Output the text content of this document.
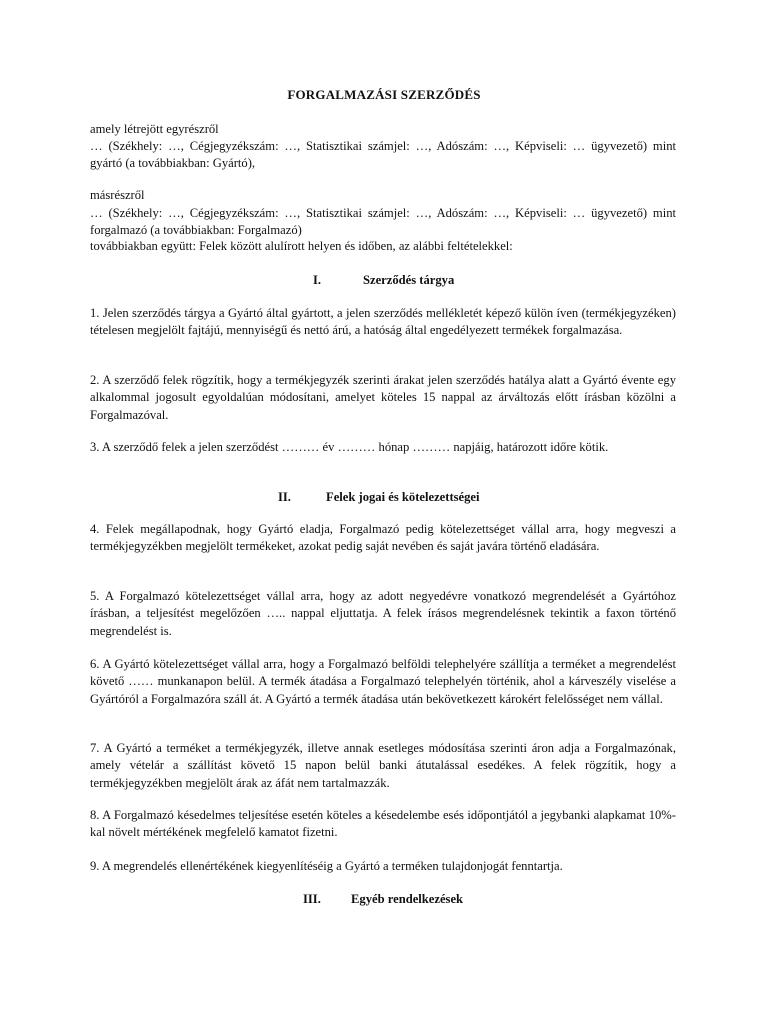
FORGALMAZÁSI SZERZŐDÉS

amely létrejött egyrészről

… (Székhely: …, Cégjegyzékszám: …, Statisztikai számjel: …, Adószám: …, Képviseli: … ügyvezető) mint gyártó (a továbbiakban: Gyártó),

másrészről

… (Székhely: …, Cégjegyzékszám: …, Statisztikai számjel: …, Adószám: …, Képviseli: … ügyvezető) mint forgalmazó (a továbbiakban: Forgalmazó)

továbbiakban együtt: Felek között alulírott helyen és időben, az alábbi feltételekkel:

I.	Szerződés tárgya

1. Jelen szerződés tárgya a Gyártó által gyártott, a jelen szerződés mellékletét képező külön íven (termékjegyzéken) tételesen megjelölt fajtájú, mennyiségű és nettó árú, a hatóság által engedélyezett termékek forgalmazása.

2. A szerződő felek rögzítik, hogy a termékjegyzék szerinti árakat jelen szerződés hatálya alatt a Gyártó évente egy alkalommal jogosult egyoldalúan módosítani, amelyet köteles 15 nappal az árváltozás előtt írásban közölni a Forgalmazóval.

3. A szerződő felek a jelen szerződést ……… év ……… hónap ……… napjáig, határozott időre kötik.

II.	Felek jogai és kötelezettségei

4. Felek megállapodnak, hogy Gyártó eladja, Forgalmazó pedig kötelezettséget vállal arra, hogy megveszi a termékjegyzékben megjelölt termékeket, azokat pedig saját nevében és saját javára történő eladására.

5. A Forgalmazó kötelezettséget vállal arra, hogy az adott negyedévre vonatkozó megrendelését a Gyártóhoz írásban, a teljesítést megelőzően ….. nappal eljuttatja. A felek írásos megrendelésnek tekintik a faxon történő megrendelést is.

6. A Gyártó kötelezettséget vállal arra, hogy a Forgalmazó belföldi telephelyére szállítja a terméket a megrendelést követő …… munkanapon belül. A termék átadása a Forgalmazó telephelyén történik, ahol a kárveszély viselése a Gyártóról a Forgalmazóra száll át. A Gyártó a termék átadása után bekövetkezett károkért felelősséget nem vállal.

7. A Gyártó a terméket a termékjegyzék, illetve annak esetleges módosítása szerinti áron adja a Forgalmazónak, amely vételár a szállítást követő 15 napon belül banki átutalással esedékes. A felek rögzítik, hogy a termékjegyzékben megjelölt árak az áfát nem tartalmazzák.

8. A Forgalmazó késedelmes teljesítése esetén köteles a késedelembe esés időpontjától a jegybanki alapkamat 10%-kal növelt mértékének megfelelő kamatot fizetni.

9. A megrendelés ellenértékének kiegyenlítéséig a Gyártó a terméken tulajdonjogát fenntartja.

III. Egyéb rendelkezések
